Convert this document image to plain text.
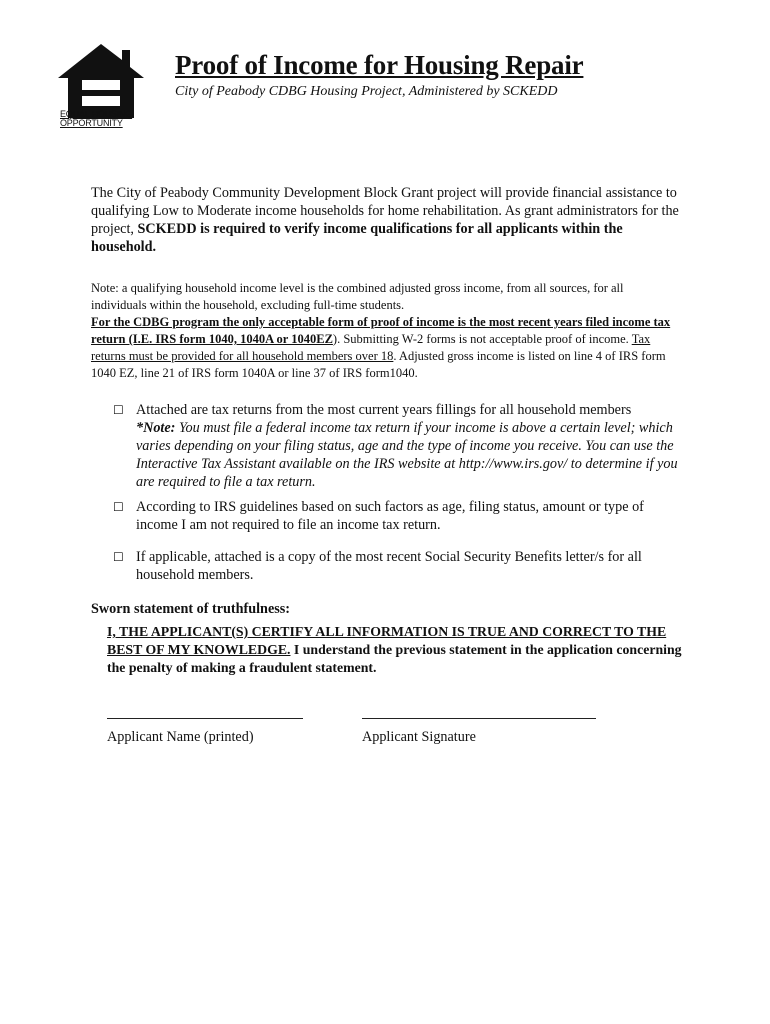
EQUAL HOUSING
OPPORTUNITY
Proof of Income for Housing Repair

City of Peabody CDBG Housing Project, Administered by SCKEDD

The City of Peabody Community Development Block Grant project will provide financial assistance to qualifying Low to Moderate income households for home rehabilitation. As grant administrators for the project, SCKEDD is required to verify income qualifications for all applicants within the household.

Note: a qualifying household income level is the combined adjusted gross income, from all sources, for all individuals within the household, excluding full-time students.
For the CDBG program the only acceptable form of proof of income is the most recent years filed income tax return (I.E. IRS form 1040, 1040A or 1040EZ). Submitting W-2 forms is not acceptable proof of income. Tax returns must be provided for all household members over 18. Adjusted gross income is listed on line 4 of IRS form 1040 EZ, line 21 of IRS form 1040A or line 37 of IRS form1040.

☐ Attached are tax returns from the most current years fillings for all household members
*Note: You must file a federal income tax return if your income is above a certain level; which varies depending on your filing status, age and the type of income you receive. You can use the Interactive Tax Assistant available on the IRS website at http://www.irs.gov/ to determine if you are required to file a tax return.
☐ According to IRS guidelines based on such factors as age, filing status, amount or type of income I am not required to file an income tax return.
☐ If applicable, attached is a copy of the most recent Social Security Benefits letter/s for all household members.

Sworn statement of truthfulness:

I, THE APPLICANT(S) CERTIFY ALL INFORMATION IS TRUE AND CORRECT TO THE BEST OF MY KNOWLEDGE. I understand the previous statement in the application concerning the penalty of making a fraudulent statement.

Applicant Name (printed)	Applicant Signature
